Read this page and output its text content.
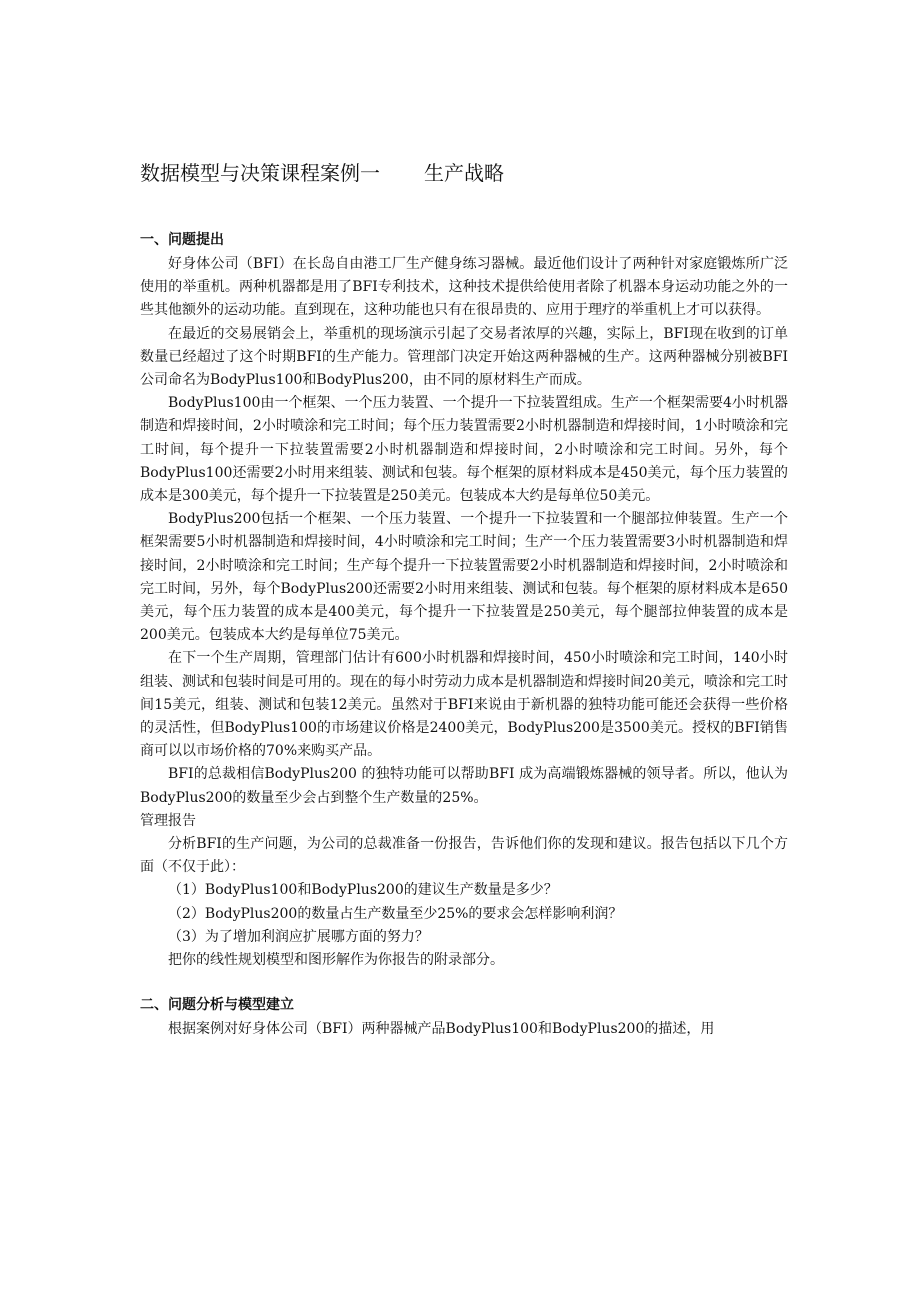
数据模型与决策课程案例一 生产战略
一、问题提出

好身体公司（BFI）在长岛自由港工厂生产健身练习器械。最近他们设计了两种针对家庭锻炼所广泛使用的举重机。两种机器都是用了BFI专利技术，这种技术提供给使用者除了机器本身运动功能之外的一些其他额外的运动功能。直到现在，这种功能也只有在很昂贵的、应用于理疗的举重机上才可以获得。

在最近的交易展销会上，举重机的现场演示引起了交易者浓厚的兴趣，实际上，BFI现在收到的订单数量已经超过了这个时期BFI的生产能力。管理部门决定开始这两种器械的生产。这两种器械分别被BFI 公司命名为BodyPlus100和BodyPlus200，由不同的原材料生产而成。

BodyPlus100由一个框架、一个压力装置、一个提升一下拉装置组成。生产一个框架需要4小时机器制造和焊接时间，2小时喷涂和完工时间；每个压力装置需要2小时机器制造和焊接时间，1小时喷涂和完工时间，每个提升一下拉装置需要2小时机器制造和焊接时间，2小时喷涂和完工时间。另外，每个BodyPlus100还需要2小时用来组装、测试和包装。每个框架的原材料成本是450美元，每个压力装置的成本是300美元，每个提升一下拉装置是250美元。包装成本大约是每单位50美元。

BodyPlus200包括一个框架、一个压力装置、一个提升一下拉装置和一个腿部拉伸装置。生产一个框架需要5小时机器制造和焊接时间，4小时喷涂和完工时间；生产一个压力装置需要3小时机器制造和焊接时间，2小时喷涂和完工时间；生产每个提升一下拉装置需要2小时机器制造和焊接时间，2小时喷涂和完工时间，另外，每个BodyPlus200还需要2小时用来组装、测试和包装。每个框架的原材料成本是650美元，每个压力装置的成本是400美元，每个提升一下拉装置是250美元，每个腿部拉伸装置的成本是200美元。包装成本大约是每单位75美元。

在下一个生产周期，管理部门估计有600小时机器和焊接时间，450小时喷涂和完工时间，140小时组装、测试和包装时间是可用的。现在的每小时劳动力成本是机器制造和焊接时间20美元，喷涂和完工时间15美元，组装、测试和包装12美元。虽然对于BFI来说由于新机器的独特功能可能还会获得一些价格的灵活性，但BodyPlus100的市场建议价格是2400美元，BodyPlus200是3500美元。授权的BFI销售商可以以市场价格的70%来购买产品。

BFI的总裁相信BodyPlus200 的独特功能可以帮助BFI 成为高端锻炼器械的领导者。所以，他认为BodyPlus200的数量至少会占到整个生产数量的25%。

管理报告

分析BFI的生产问题，为公司的总裁准备一份报告，告诉他们你的发现和建议。报告包括以下几个方面（不仅于此）：

（1）BodyPlus100和BodyPlus200的建议生产数量是多少？

（2）BodyPlus200的数量占生产数量至少25%的要求会怎样影响利润？

（3）为了增加利润应扩展哪方面的努力？

把你的线性规划模型和图形解作为你报告的附录部分。

二、问题分析与模型建立

根据案例对好身体公司（BFI）两种器械产品BodyPlus100和BodyPlus200的描述，用
